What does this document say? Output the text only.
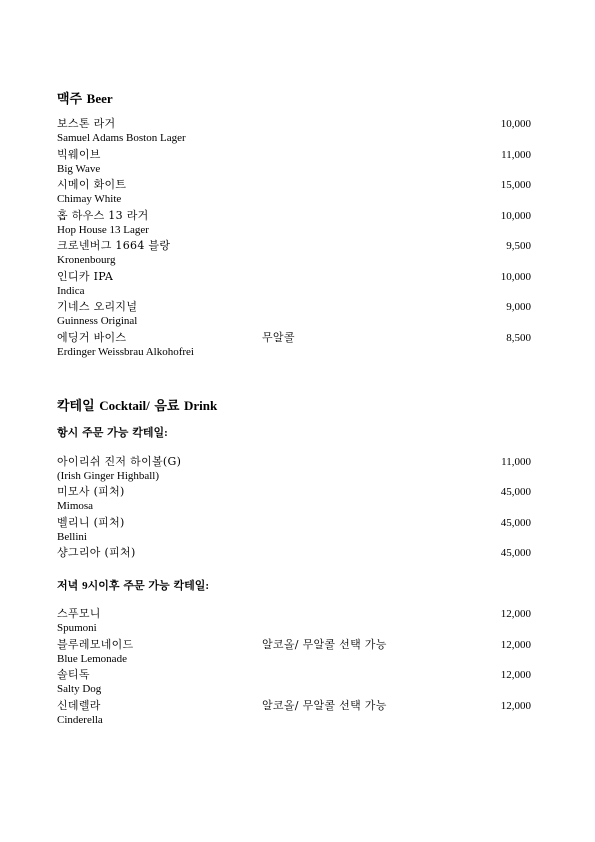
맥주 Beer
보스톤 라거
Samuel Adams Boston Lager
10,000
빅웨이브
Big Wave
11,000
시메이 화이트
Chimay White
15,000
홉 하우스 13 라거
Hop House 13 Lager
10,000
크로넨버그 1664 블랑
Kronenbourg
9,500
인디카 IPA
Indica
10,000
기네스 오리지널
Guinness Original
9,000
에딩거 바이스	무알콜
Erdinger Weissbrau Alkohofrei
8,500
칵테일 Cocktail/ 음료 Drink
항시 주문 가능 칵테일:
아이리쉬 진저 하이볼(G)
(Irish Ginger Highball)
11,000
미모사 (피처)
Mimosa
45,000
벨리니 (피처)
Bellini
45,000
샹그리아 (피처)	45,000
저녁 9시이후 주문 가능 칵테일:
스푸모니
Spumoni
12,000
블루레모네이드	알코올/ 무알콜 선택 가능
Blue Lemonade
12,000
솔티독
Salty Dog
12,000
신데렐라	알코올/ 무알콜 선택 가능
Cinderella
12,000
